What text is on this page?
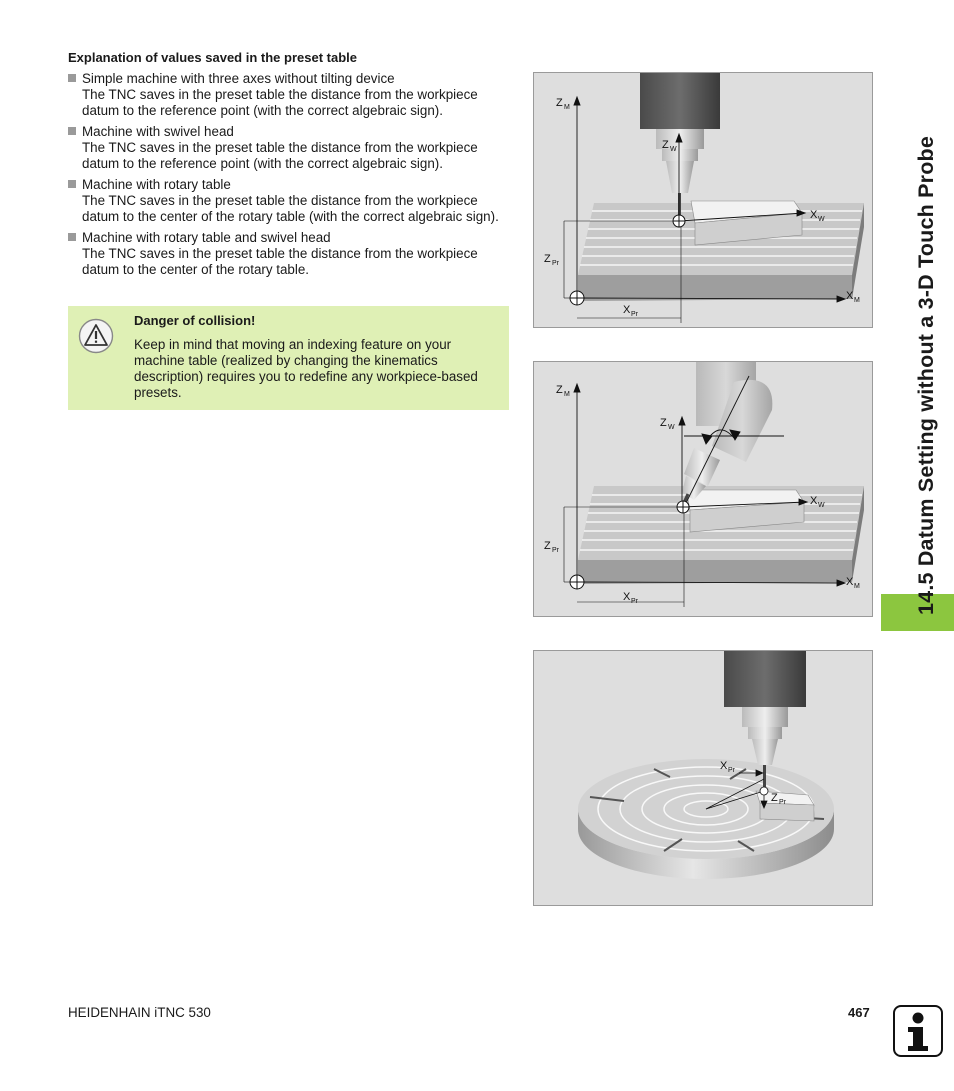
Explanation of values saved in the preset table
Simple machine with three axes without tilting device
The TNC saves in the preset table the distance from the workpiece datum to the reference point (with the correct algebraic sign).
Machine with swivel head
The TNC saves in the preset table the distance from the workpiece datum to the reference point (with the correct algebraic sign).
Machine with rotary table
The TNC saves in the preset table the distance from the workpiece datum to the center of the rotary table (with the correct algebraic sign).
Machine with rotary table and swivel head
The TNC saves in the preset table the distance from the workpiece datum to the center of the rotary table.
Danger of collision!
Keep in mind that moving an indexing feature on your machine table (realized by changing the kinematics description) requires you to redefine any workpiece-based presets.
Z M
Z W
X W
Z Pr
X M
X Pr
Z M
Z W
X W
Z Pr
X M
X Pr
X Pr
Z Pr
14.5 Datum Setting without a 3-D Touch Probe
HEIDENHAIN iTNC 530	467
